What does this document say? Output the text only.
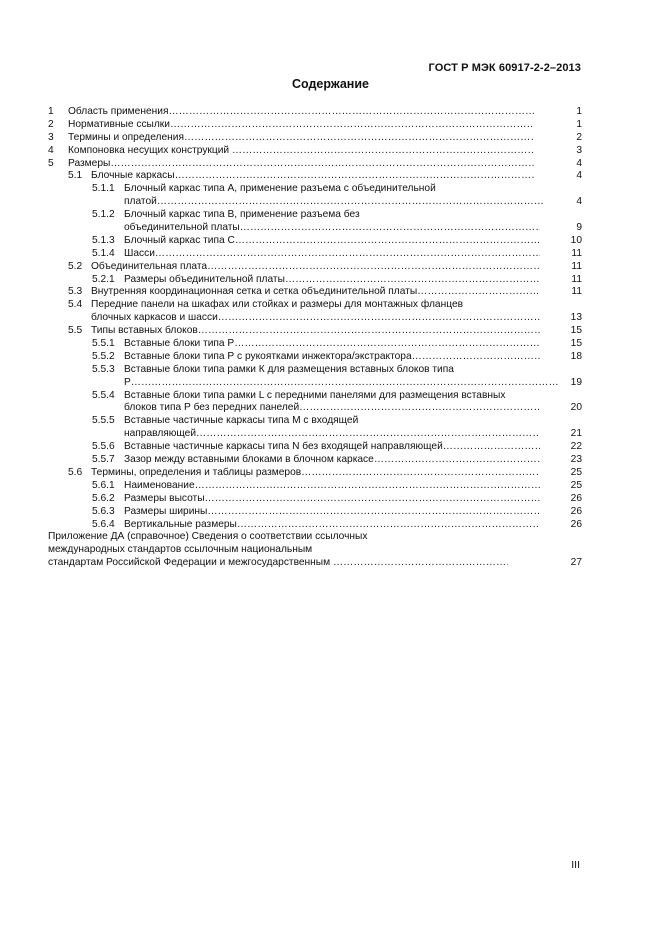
ГОСТ Р МЭК 60917-2-2–2013
Содержание
1 Область применения ……………………………………………………………………………………………………………………………………………………………………………………………………………………	1
2 Нормативные ссылки ……………………………………………………………………………………………………………………………………………………………………………………………………………………	1
3 Термины и определения ……………………………………………………………………………………………………………………………………………………………………………………………………………………	2
4 Компоновка несущих конструкций ……………………………………………………………………………………………………………………………………………………………………………………………………………………	3
5 Размеры ……………………………………………………………………………………………………………………………………………………………………………………………………………………	4
5.1 Блочные каркасы ……………………………………………………………………………………………………………………………………………………………………………………………………………………	4
5.1.1 Блочный каркас типа А, применение разъема с объединительной
платой ……………………………………………………………………………………………………………………………………………………………………………………………………………………	4
5.1.2 Блочный каркас типа В, применение разъема без
объединительной платы ……………………………………………………………………………………………………………………………………………………………………………………………………………………	9
5.1.3 Блочный каркас типа С ……………………………………………………………………………………………………………………………………………………………………………………………………………………	10
5.1.4 Шасси ……………………………………………………………………………………………………………………………………………………………………………………………………………………	11
5.2 Объединительная плата ……………………………………………………………………………………………………………………………………………………………………………………………………………………	11
5.2.1 Размеры объединительной платы ……………………………………………………………………………………………………………………………………………………………………………………………………………………	11
5.3 Внутренняя координационная сетка и сетка объединительной платы ……………………………………………………………………………………………………………………………………………………………………………………………………………………	11
5.4 Передние панели на шкафах или стойках и размеры для монтажных фланцев
блочных каркасов и шасси ……………………………………………………………………………………………………………………………………………………………………………………………………………………	13
5.5 Типы вставных блоков ……………………………………………………………………………………………………………………………………………………………………………………………………………………	15
5.5.1 Вставные блоки типа Р ……………………………………………………………………………………………………………………………………………………………………………………………………………………	15
5.5.2 Вставные блоки типа Р с рукоятками инжектора/экстрактора ……………………………………………………………………………………………………………………………………………………………………………………………………………………	18
5.5.3 Вставные блоки типа рамки К для размещения вставных блоков типа
Р ……………………………………………………………………………………………………………………………………………………………………………………………………………………	19
5.5.4 Вставные блоки типа рамки L с передними панелями для размещения вставных
блоков типа Р без передних панелей ……………………………………………………………………………………………………………………………………………………………………………………………………………………	20
5.5.5 Вставные частичные каркасы типа М с входящей
направляющей ……………………………………………………………………………………………………………………………………………………………………………………………………………………	21
5.5.6 Вставные частичные каркасы типа N без входящей направляющей ……………………………………………………………………………………………………………………………………………………………………………………………………………………	22
5.5.7 Зазор между вставными блоками в блочном каркасе ……………………………………………………………………………………………………………………………………………………………………………………………………………………	23
5.6 Термины, определения и таблицы размеров ……………………………………………………………………………………………………………………………………………………………………………………………………………………	25
5.6.1 Наименование ……………………………………………………………………………………………………………………………………………………………………………………………………………………	25
5.6.2 Размеры высоты ……………………………………………………………………………………………………………………………………………………………………………………………………………………	26
5.6.3 Размеры ширины ……………………………………………………………………………………………………………………………………………………………………………………………………………………	26
5.6.4 Вертикальные размеры ……………………………………………………………………………………………………………………………………………………………………………………………………………………	26
Приложение ДА (справочное) Сведения о соответствии ссылочных
международных стандартов ссылочным национальным
стандартам Российской Федерации и межгосударственным ……………………………………………………………………………………………………………………………………………………………………………………………………………………	27
III
